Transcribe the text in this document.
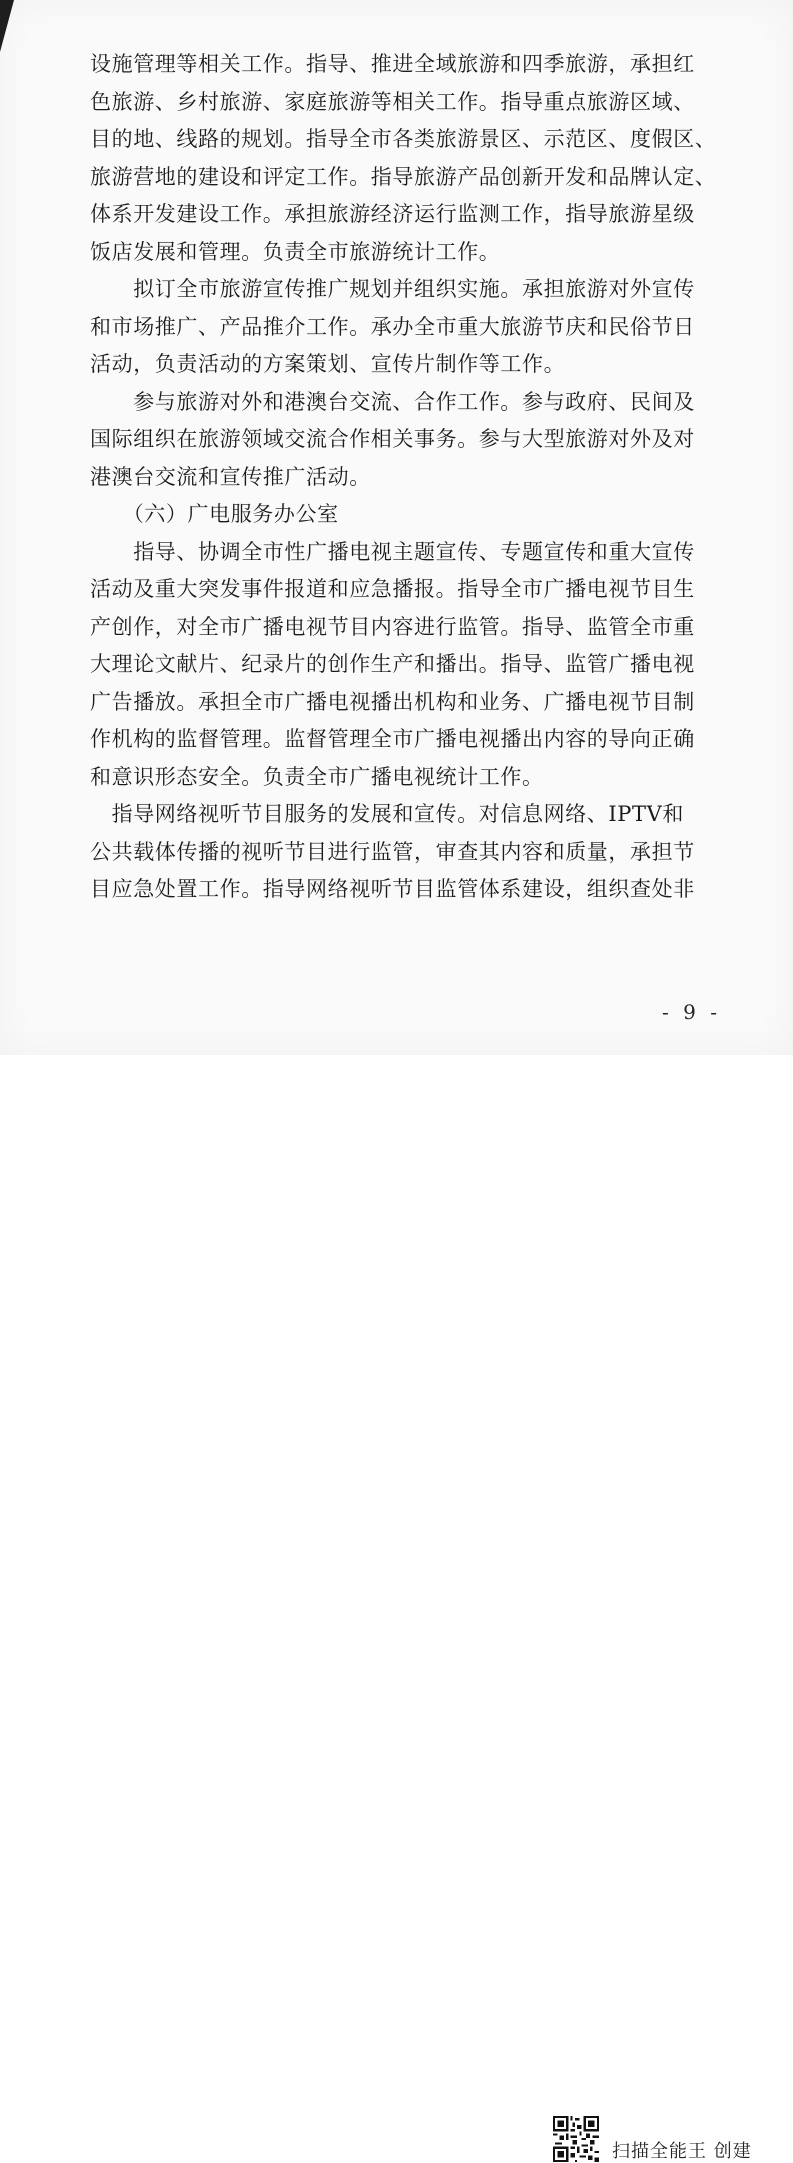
设施管理等相关工作。指导、推进全域旅游和四季旅游，承担红
色旅游、乡村旅游、家庭旅游等相关工作。指导重点旅游区域、
目的地、线路的规划。指导全市各类旅游景区、示范区、度假区、
旅游营地的建设和评定工作。指导旅游产品创新开发和品牌认定、
体系开发建设工作。承担旅游经济运行监测工作，指导旅游星级
饭店发展和管理。负责全市旅游统计工作。
　　拟订全市旅游宣传推广规划并组织实施。承担旅游对外宣传
和市场推广、产品推介工作。承办全市重大旅游节庆和民俗节日
活动，负责活动的方案策划、宣传片制作等工作。
　　参与旅游对外和港澳台交流、合作工作。参与政府、民间及
国际组织在旅游领域交流合作相关事务。参与大型旅游对外及对
港澳台交流和宣传推广活动。
　　（六）广电服务办公室
　　指导、协调全市性广播电视主题宣传、专题宣传和重大宣传
活动及重大突发事件报道和应急播报。指导全市广播电视节目生
产创作，对全市广播电视节目内容进行监管。指导、监管全市重
大理论文献片、纪录片的创作生产和播出。指导、监管广播电视
广告播放。承担全市广播电视播出机构和业务、广播电视节目制
作机构的监督管理。监督管理全市广播电视播出内容的导向正确
和意识形态安全。负责全市广播电视统计工作。
　指导网络视听节目服务的发展和宣传。对信息网络、IPTV和
公共载体传播的视听节目进行监管，审查其内容和质量，承担节
目应急处置工作。指导网络视听节目监管体系建设，组织查处非
- 9 -
扫描全能王 创建
